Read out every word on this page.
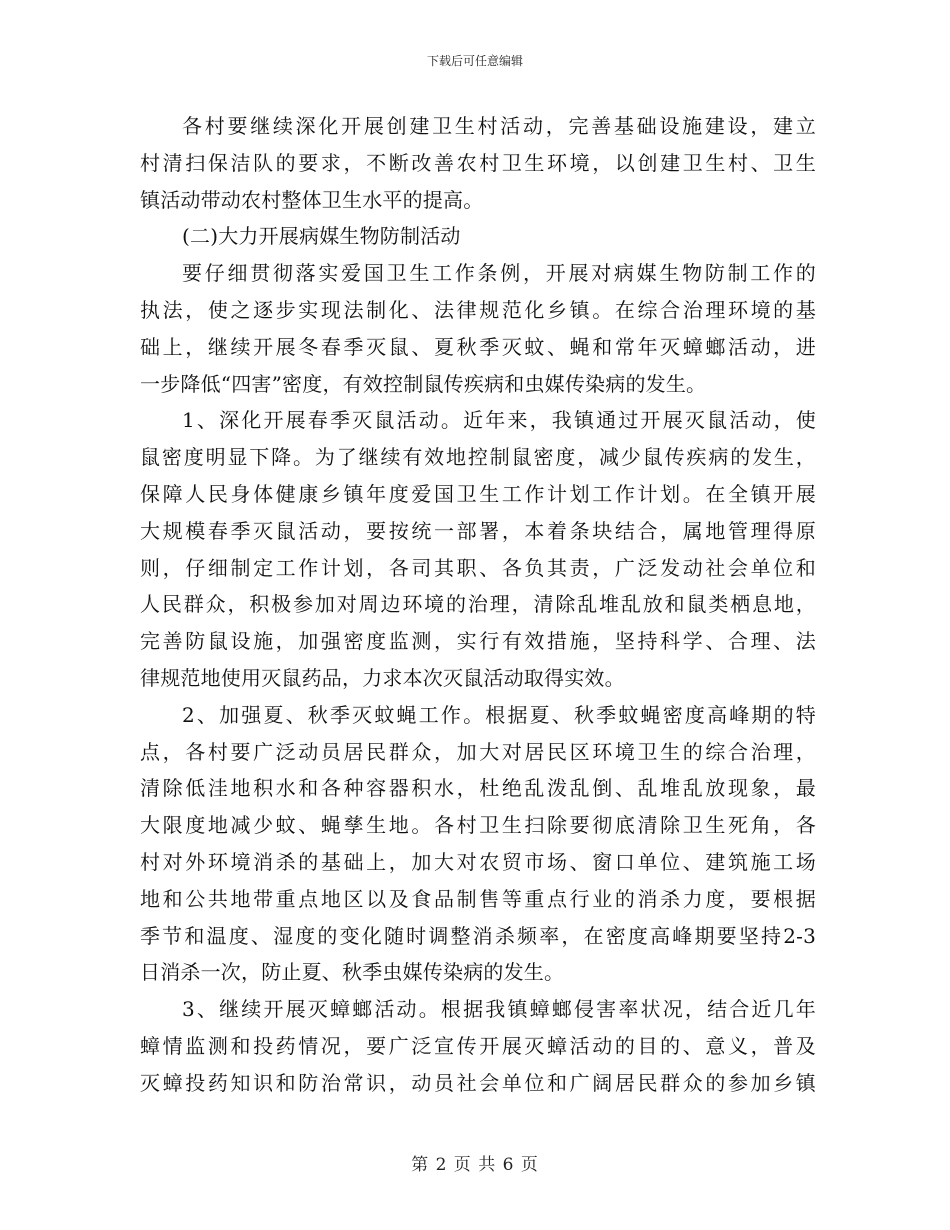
下载后可任意编辑
各村要继续深化开展创建卫生村活动，完善基础设施建设，建立
村清扫保洁队的要求，不断改善农村卫生环境，以创建卫生村、卫生
镇活动带动农村整体卫生水平的提高。
(二)大力开展病媒生物防制活动
要仔细贯彻落实爱国卫生工作条例，开展对病媒生物防制工作的
执法，使之逐步实现法制化、法律规范化乡镇。在综合治理环境的基
础上，继续开展冬春季灭鼠、夏秋季灭蚊、蝇和常年灭蟑螂活动，进
一步降低“四害”密度，有效控制鼠传疾病和虫媒传染病的发生。
1、深化开展春季灭鼠活动。近年来，我镇通过开展灭鼠活动，使
鼠密度明显下降。为了继续有效地控制鼠密度，减少鼠传疾病的发生，
保障人民身体健康乡镇年度爱国卫生工作计划工作计划。在全镇开展
大规模春季灭鼠活动，要按统一部署，本着条块结合，属地管理得原
则，仔细制定工作计划，各司其职、各负其责，广泛发动社会单位和
人民群众，积极参加对周边环境的治理，清除乱堆乱放和鼠类栖息地，
完善防鼠设施，加强密度监测，实行有效措施，坚持科学、合理、法
律规范地使用灭鼠药品，力求本次灭鼠活动取得实效。
2、加强夏、秋季灭蚊蝇工作。根据夏、秋季蚊蝇密度高峰期的特
点，各村要广泛动员居民群众，加大对居民区环境卫生的综合治理，
清除低洼地积水和各种容器积水，杜绝乱泼乱倒、乱堆乱放现象，最
大限度地减少蚊、蝇孳生地。各村卫生扫除要彻底清除卫生死角，各
村对外环境消杀的基础上，加大对农贸市场、窗口单位、建筑施工场
地和公共地带重点地区以及食品制售等重点行业的消杀力度，要根据
季节和温度、湿度的变化随时调整消杀频率，在密度高峰期要坚持2-3
日消杀一次，防止夏、秋季虫媒传染病的发生。
3、继续开展灭蟑螂活动。根据我镇蟑螂侵害率状况，结合近几年
蟑情监测和投药情况，要广泛宣传开展灭蟑活动的目的、意义，普及
灭蟑投药知识和防治常识，动员社会单位和广阔居民群众的参加乡镇
第 2 页 共 6 页
